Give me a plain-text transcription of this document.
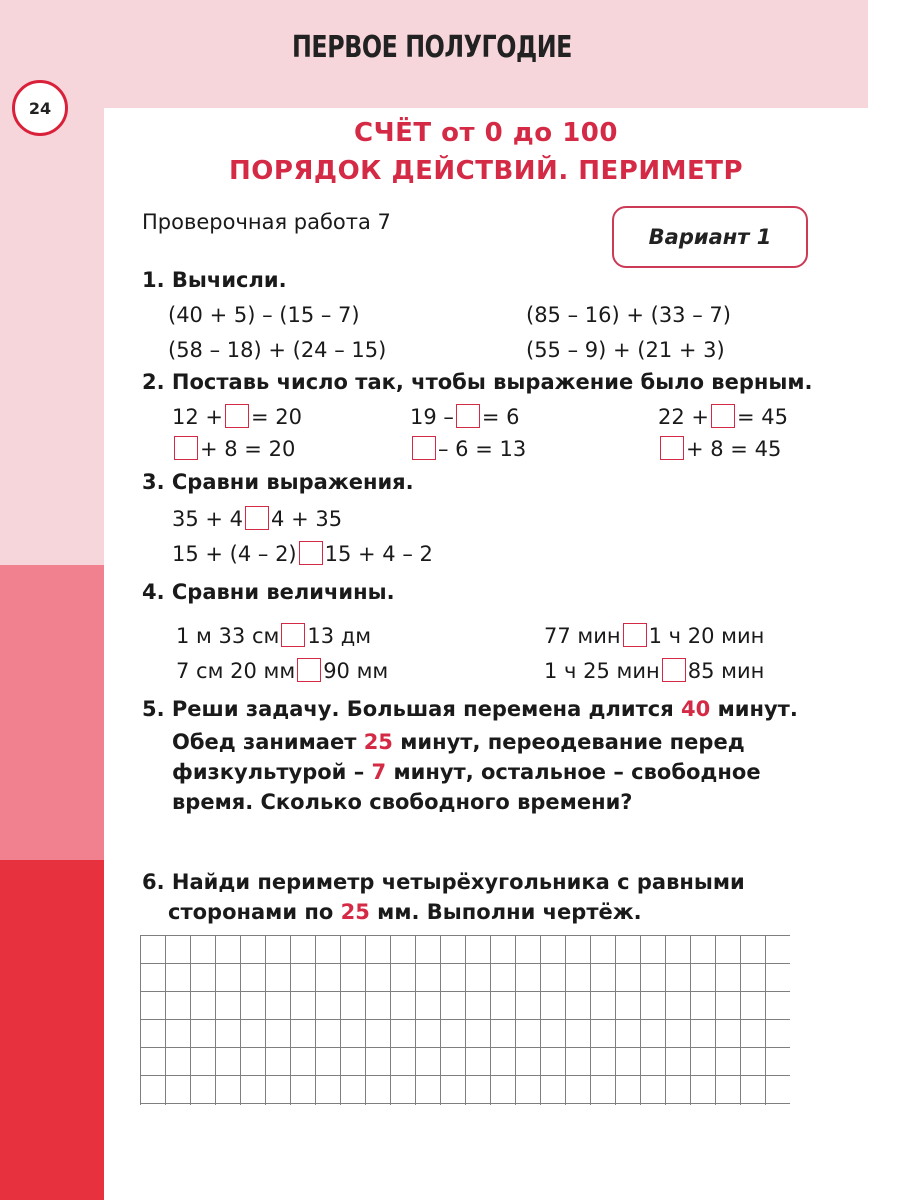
ПЕРВОЕ ПОЛУГОДИЕ
24
СЧЁТ от 0 до 100
ПОРЯДОК ДЕЙСТВИЙ. ПЕРИМЕТР
Проверочная работа 7
Вариант 1
1. Вычисли.
(40 + 5) – (15 – 7)	(85 – 16) + (33 – 7)
(58 – 18) + (24 – 15)	(55 – 9) + (21 + 3)
2. Поставь число так, чтобы выражение было верным.
12 + = 20	19 – = 6	22 + = 45
+ 8 = 20	– 6 = 13	+ 8 = 45
3. Сравни выражения.
35 + 4 4 + 35
15 + (4 – 2) 15 + 4 – 2
4. Сравни величины.
1 м 33 см 13 дм	77 мин 1 ч 20 мин
7 см 20 мм 90 мм	1 ч 25 мин 85 мин
5. Реши задачу. Большая перемена длится 40 минут.
Обед занимает 25 минут, переодевание перед
физкультурой – 7 минут, остальное – свободное
время. Сколько свободного времени?
6. Найди периметр четырёхугольника с равными
сторонами по 25 мм. Выполни чертёж.
